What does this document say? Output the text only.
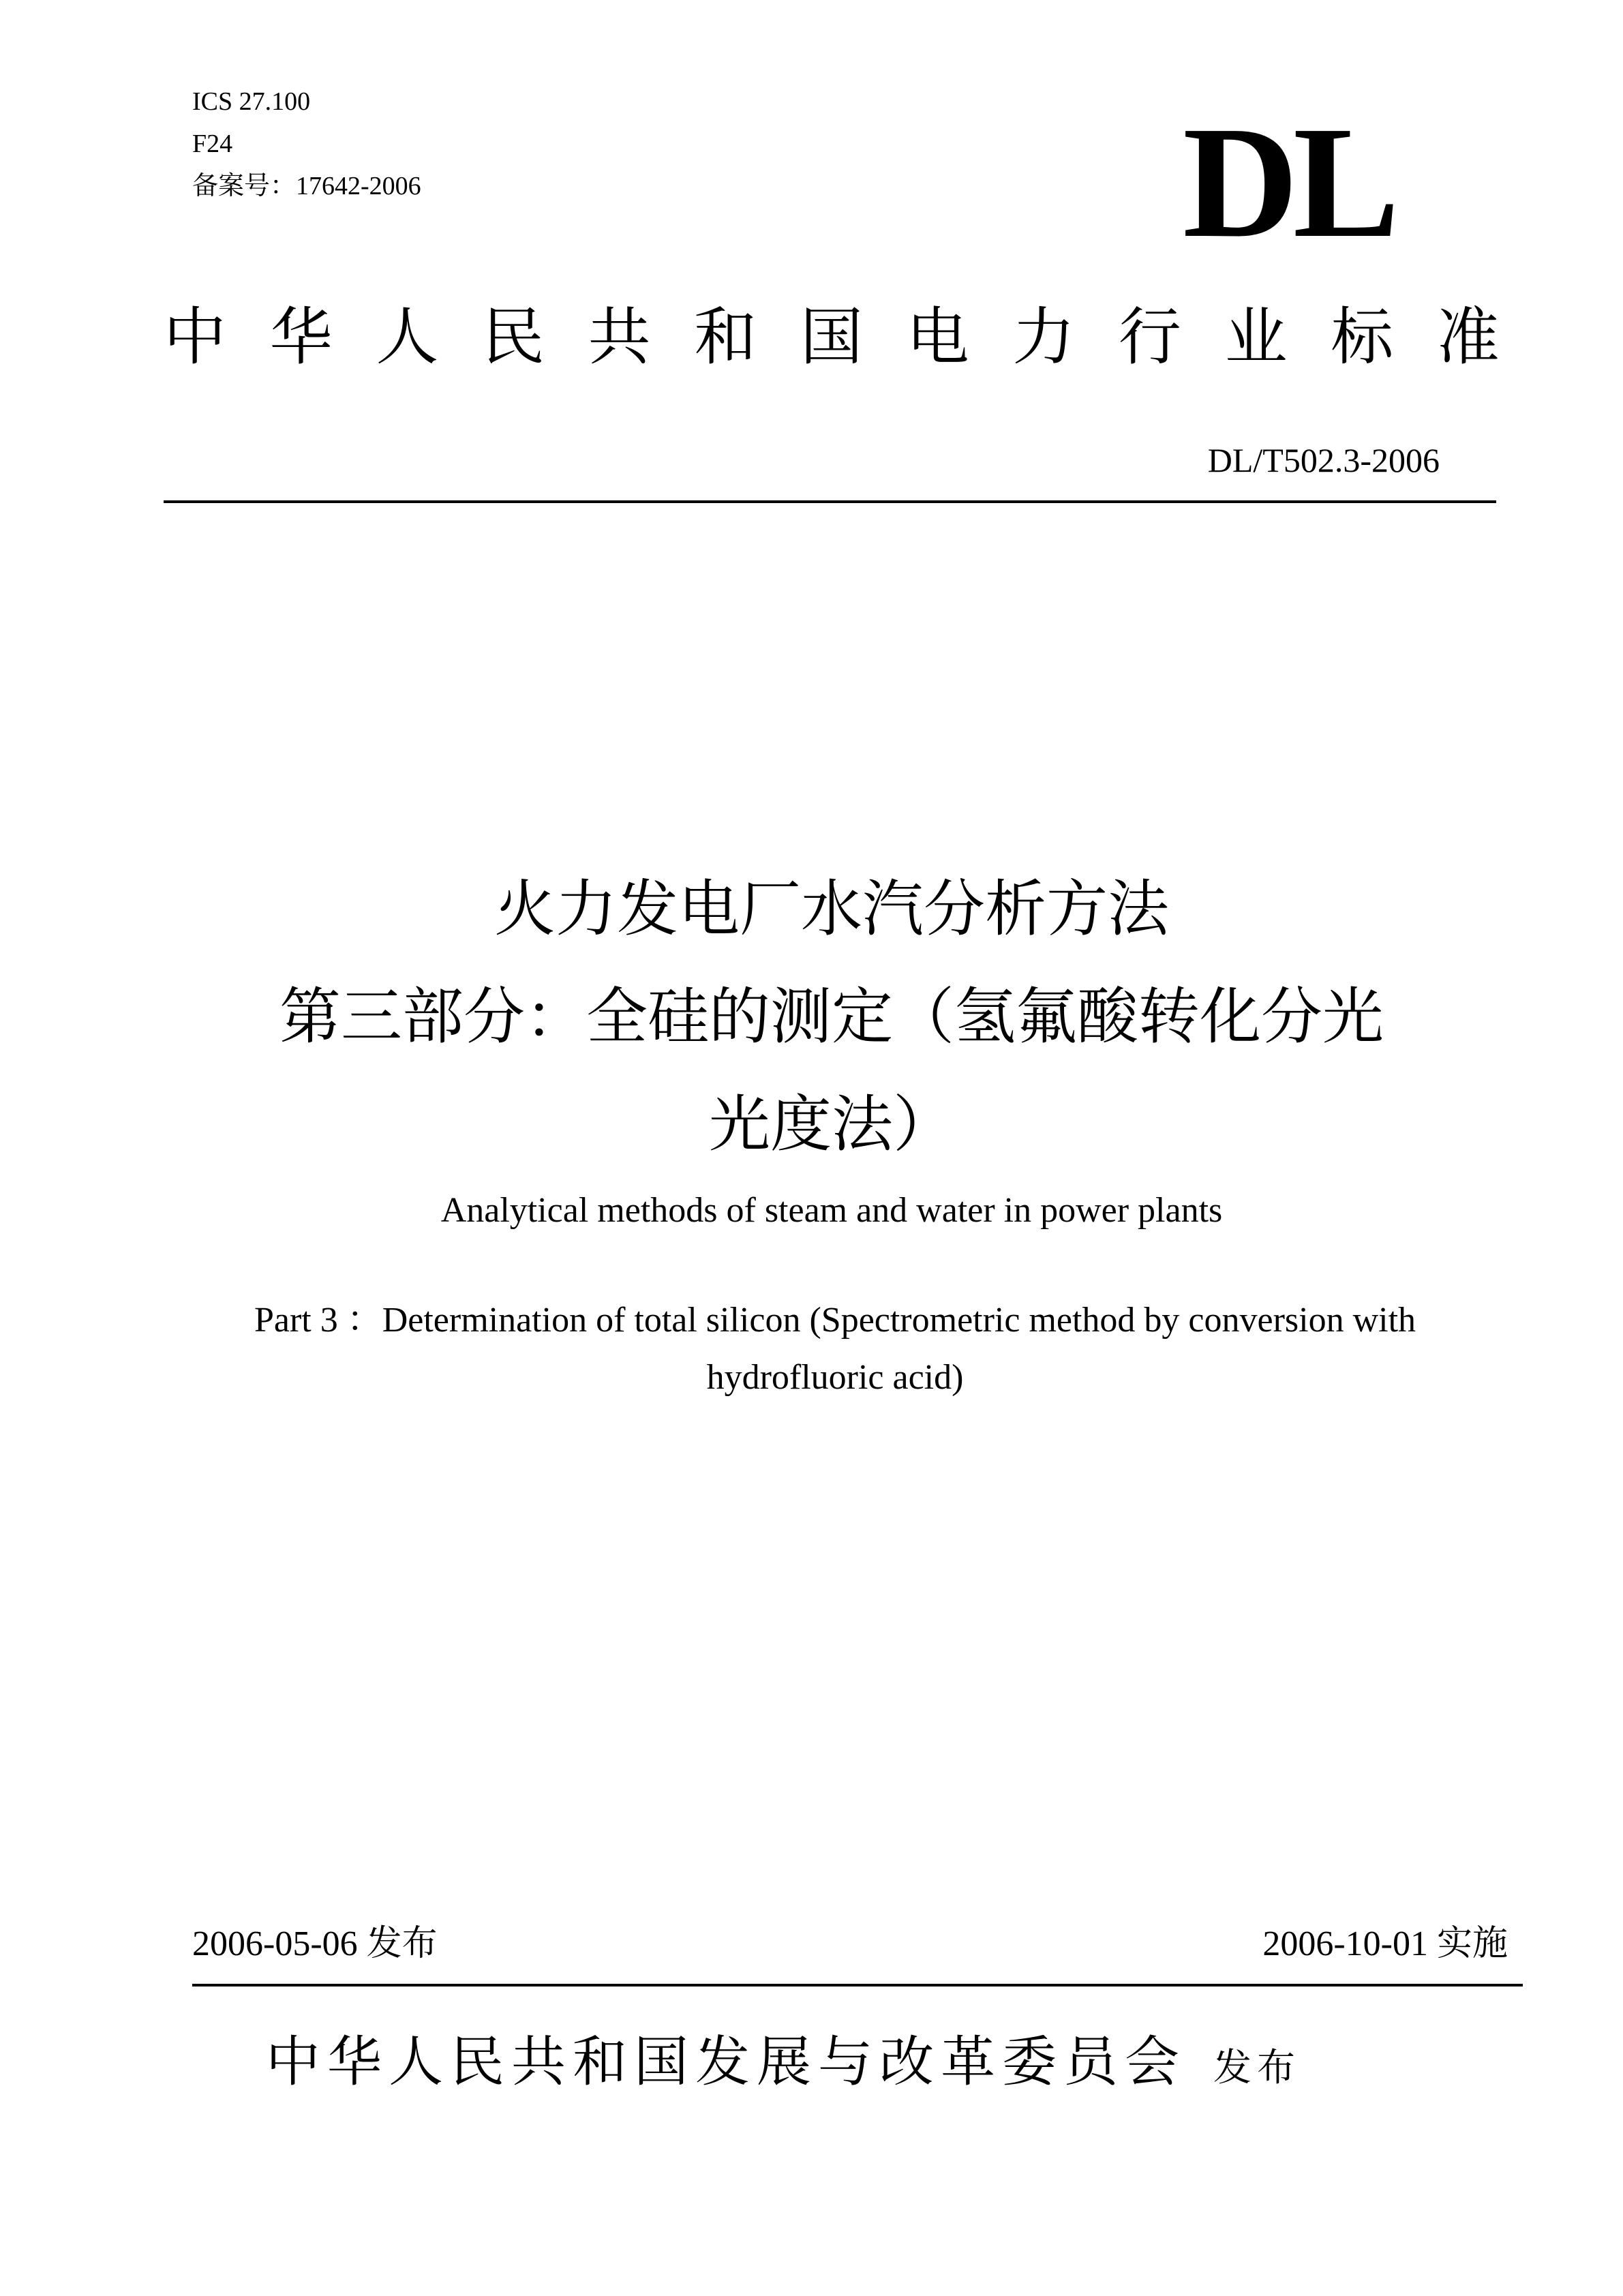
ICS 27.100
F24
备案号：17642-2006	DL
中 华 人 民 共 和 国 电 力 行 业 标 准
DL/T502.3-2006
火力发电厂水汽分析方法
第三部分：全硅的测定（氢氟酸转化分光
光度法）
Analytical methods of steam and water in power plants
Part 3 ：Determination of total silicon (Spectrometric method by conversion with
hydrofluoric acid)
2006-05-06 发布	2006-10-01 实施
中华人民共和国发展与改革委员会 发布
